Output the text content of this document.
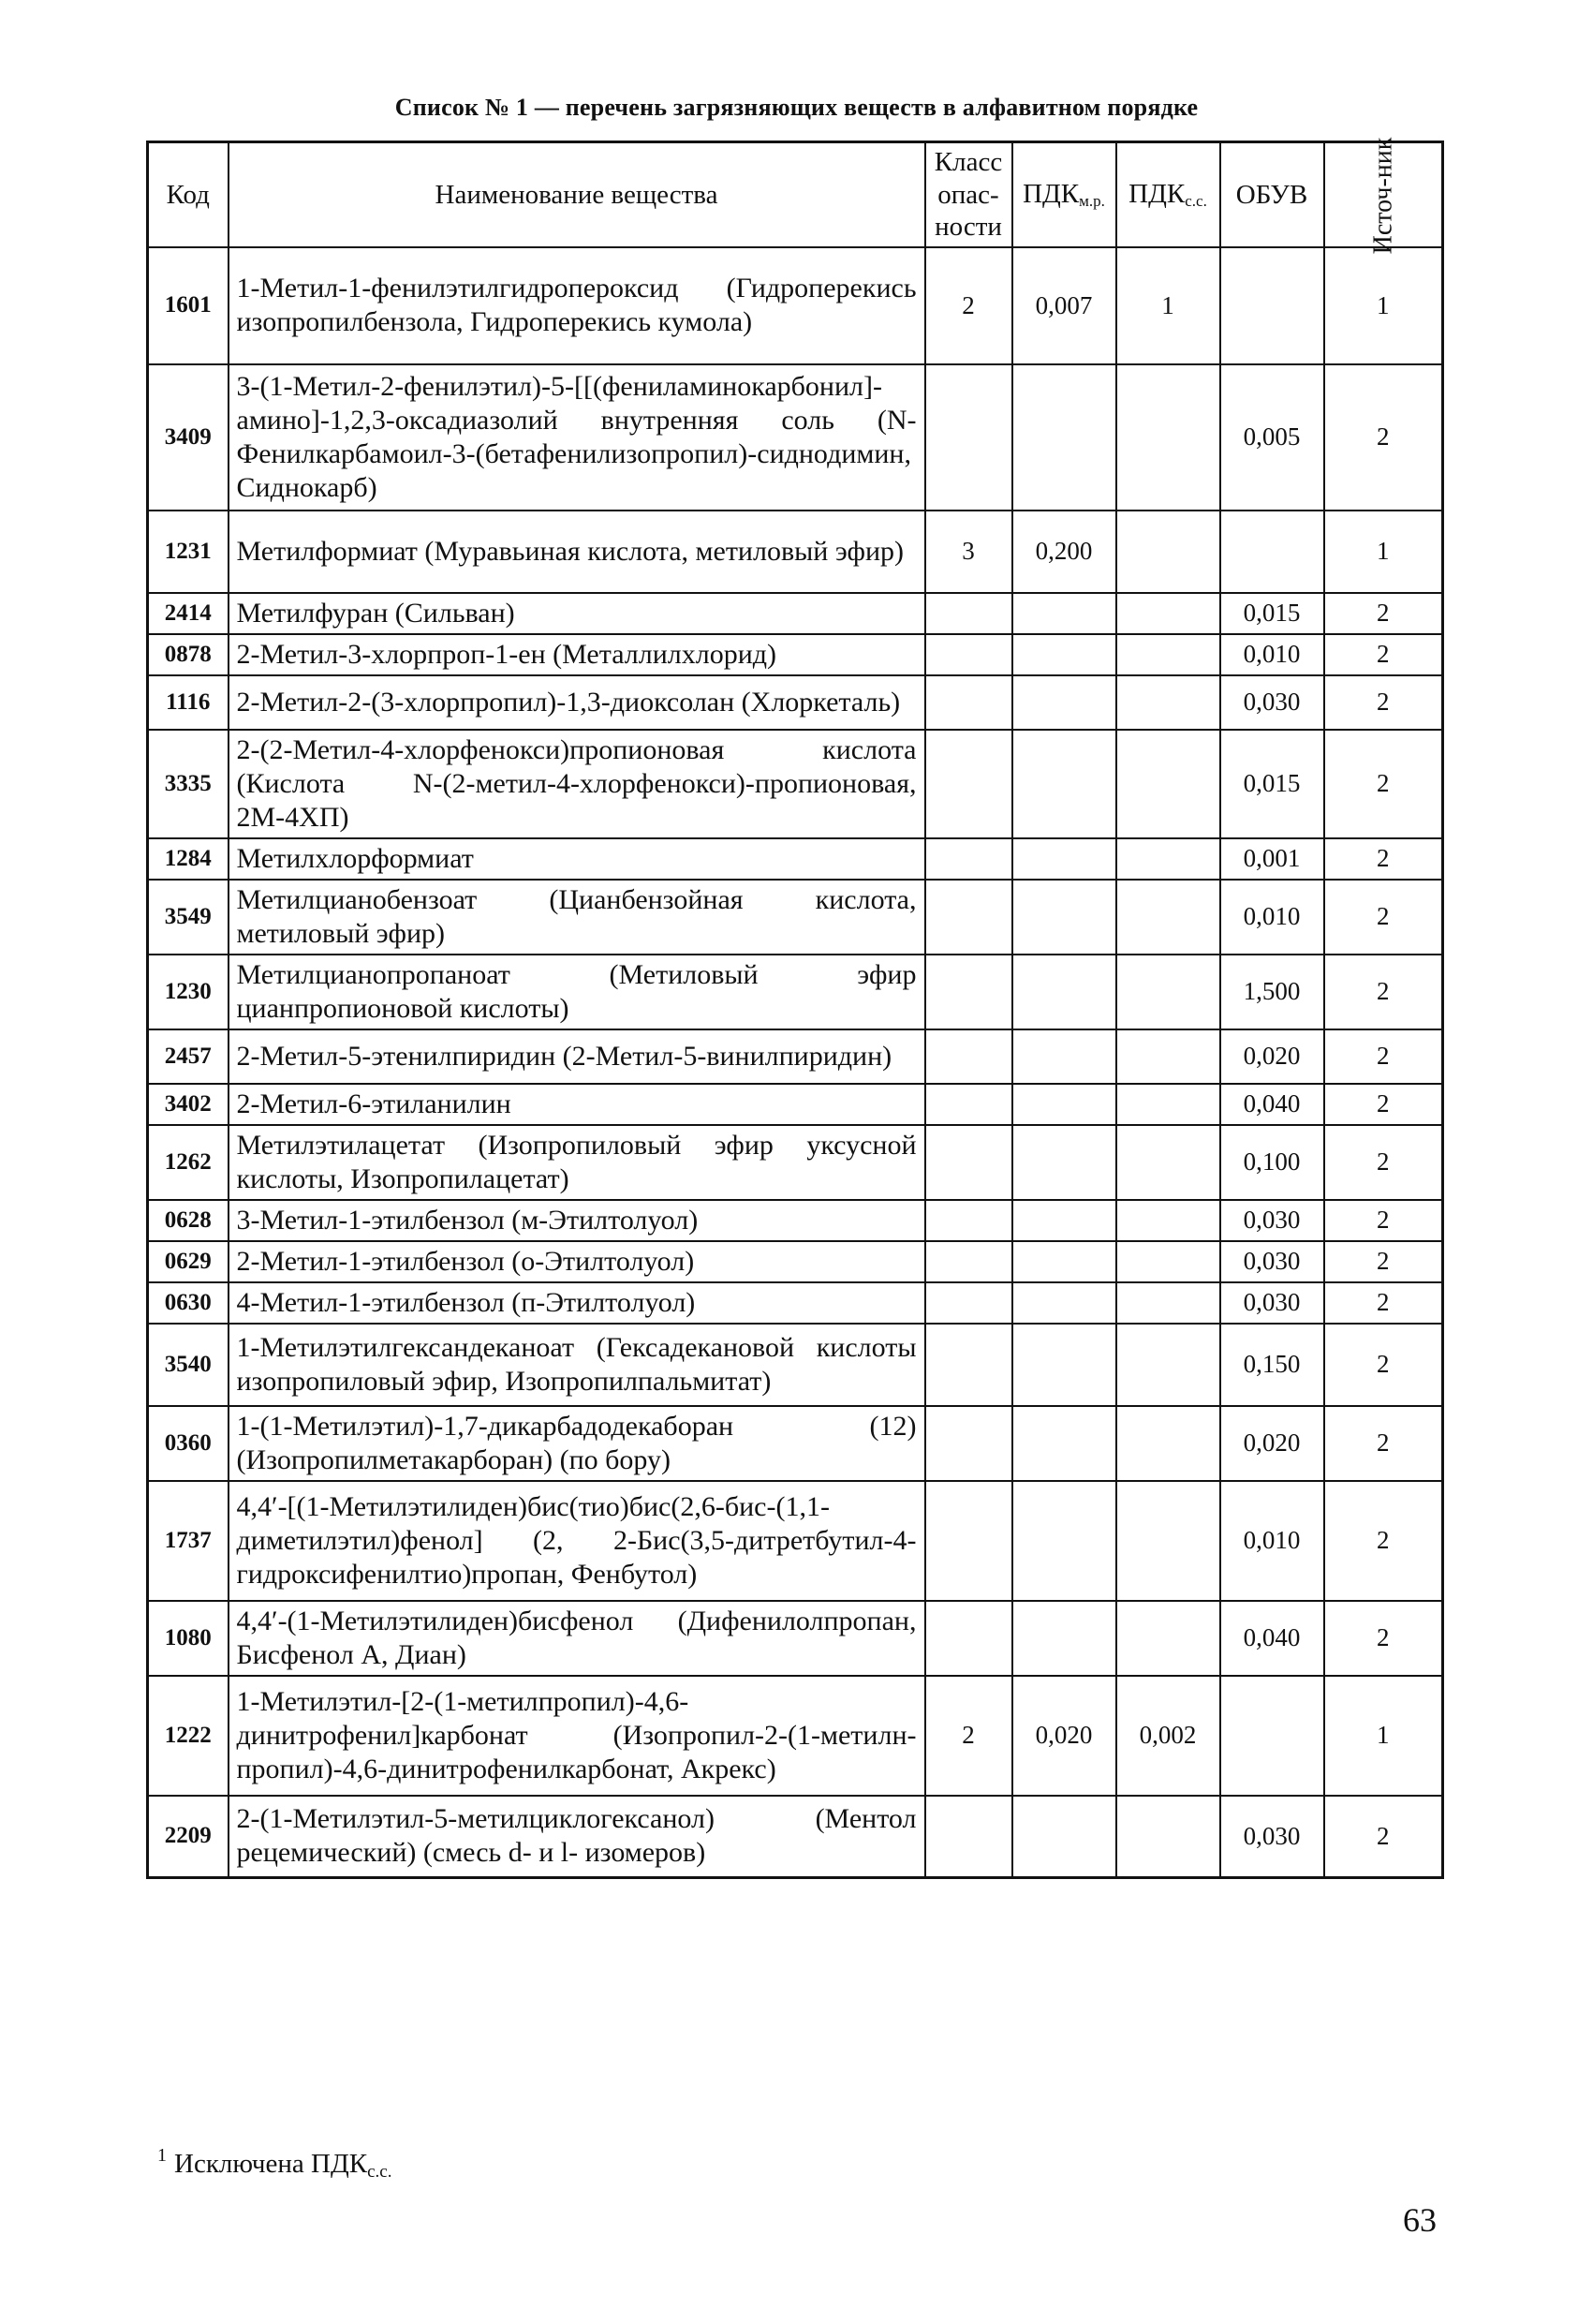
Список № 1 — перечень загрязняющих веществ в алфавитном порядке
Код	Наименование вещества	Класс опас-ности	$ПДК_{м.р.}$	$ПДК_{с.с.}$	ОБУВ	Источ-ник
1601	1-Метил-1-фенилэтилгидропероксид (Гидроперекись изопропилбензола, Гидроперекись кумола)	2	0,007	1		1
3409	3-(1-Метил-2-фенилэтил)-5-[[(фениламинокарбонил]-амино]-1,2,3-оксадиазолий внутренняя соль (N-Фенилкарбамоил-3-(бетафенилизопропил)-сиднодимин, Сиднокарб)				0,005	2
1231	Метилформиат (Муравьиная кислота, метиловый эфир)	3	0,200			1
2414	Метилфуран (Сильван)				0,015	2
0878	2-Метил-3-хлорпроп-1-ен (Металлилхлорид)				0,010	2
1116	2-Метил-2-(3-хлорпропил)-1,3-диоксолан (Хлоркеталь)				0,030	2
3335	2-(2-Метил-4-хлорфенокси)пропионовая кислота (Кислота N-(2-метил-4-хлорфенокси)-пропионовая, 2М-4ХП)				0,015	2
1284	Метилхлорформиат				0,001	2
3549	Метилцианобензоат (Цианбензойная кислота, метиловый эфир)				0,010	2
1230	Метилцианопропаноат (Метиловый эфир цианпропионовой кислоты)				1,500	2
2457	2-Метил-5-этенилпиридин (2-Метил-5-винилпиридин)				0,020	2
3402	2-Метил-6-этиланилин				0,040	2
1262	Метилэтилацетат (Изопропиловый эфир уксусной кислоты, Изопропилацетат)				0,100	2
0628	3-Метил-1-этилбензол (м-Этилтолуол)				0,030	2
0629	2-Метил-1-этилбензол (о-Этилтолуол)				0,030	2
0630	4-Метил-1-этилбензол (п-Этилтолуол)				0,030	2
3540	1-Метилэтилгександеканоат (Гексадекановой кислоты изопропиловый эфир, Изопропилпальмитат)				0,150	2
0360	1-(1-Метилэтил)-1,7-дикарбадодекаборан (12) (Изопропилметакарборан) (по бору)				0,020	2
1737	4,4′-[(1-Метилэтилиден)бис(тио)бис(2,6-бис-(1,1-диметилэтил)фенол] (2, 2-Бис(3,5-дитретбутил-4-гидроксифенилтио)пропан, Фенбутол)				0,010	2
1080	4,4′-(1-Метилэтилиден)бисфенол (Дифенилолпропан, Бисфенол А, Диан)				0,040	2
1222	1-Метилэтил-[2-(1-метилпропил)-4,6-динитрофенил]карбонат (Изопропил-2-(1-метилн-пропил)-4,6-динитрофенилкарбонат, Акрекс)	2	0,020	0,002		1
2209	2-(1-Метилэтил-5-метилциклогексанол) (Ментол рецемический) (смесь d- и l- изомеров)				0,030	2
$^1$ Исключена ПДКс.с.
63
